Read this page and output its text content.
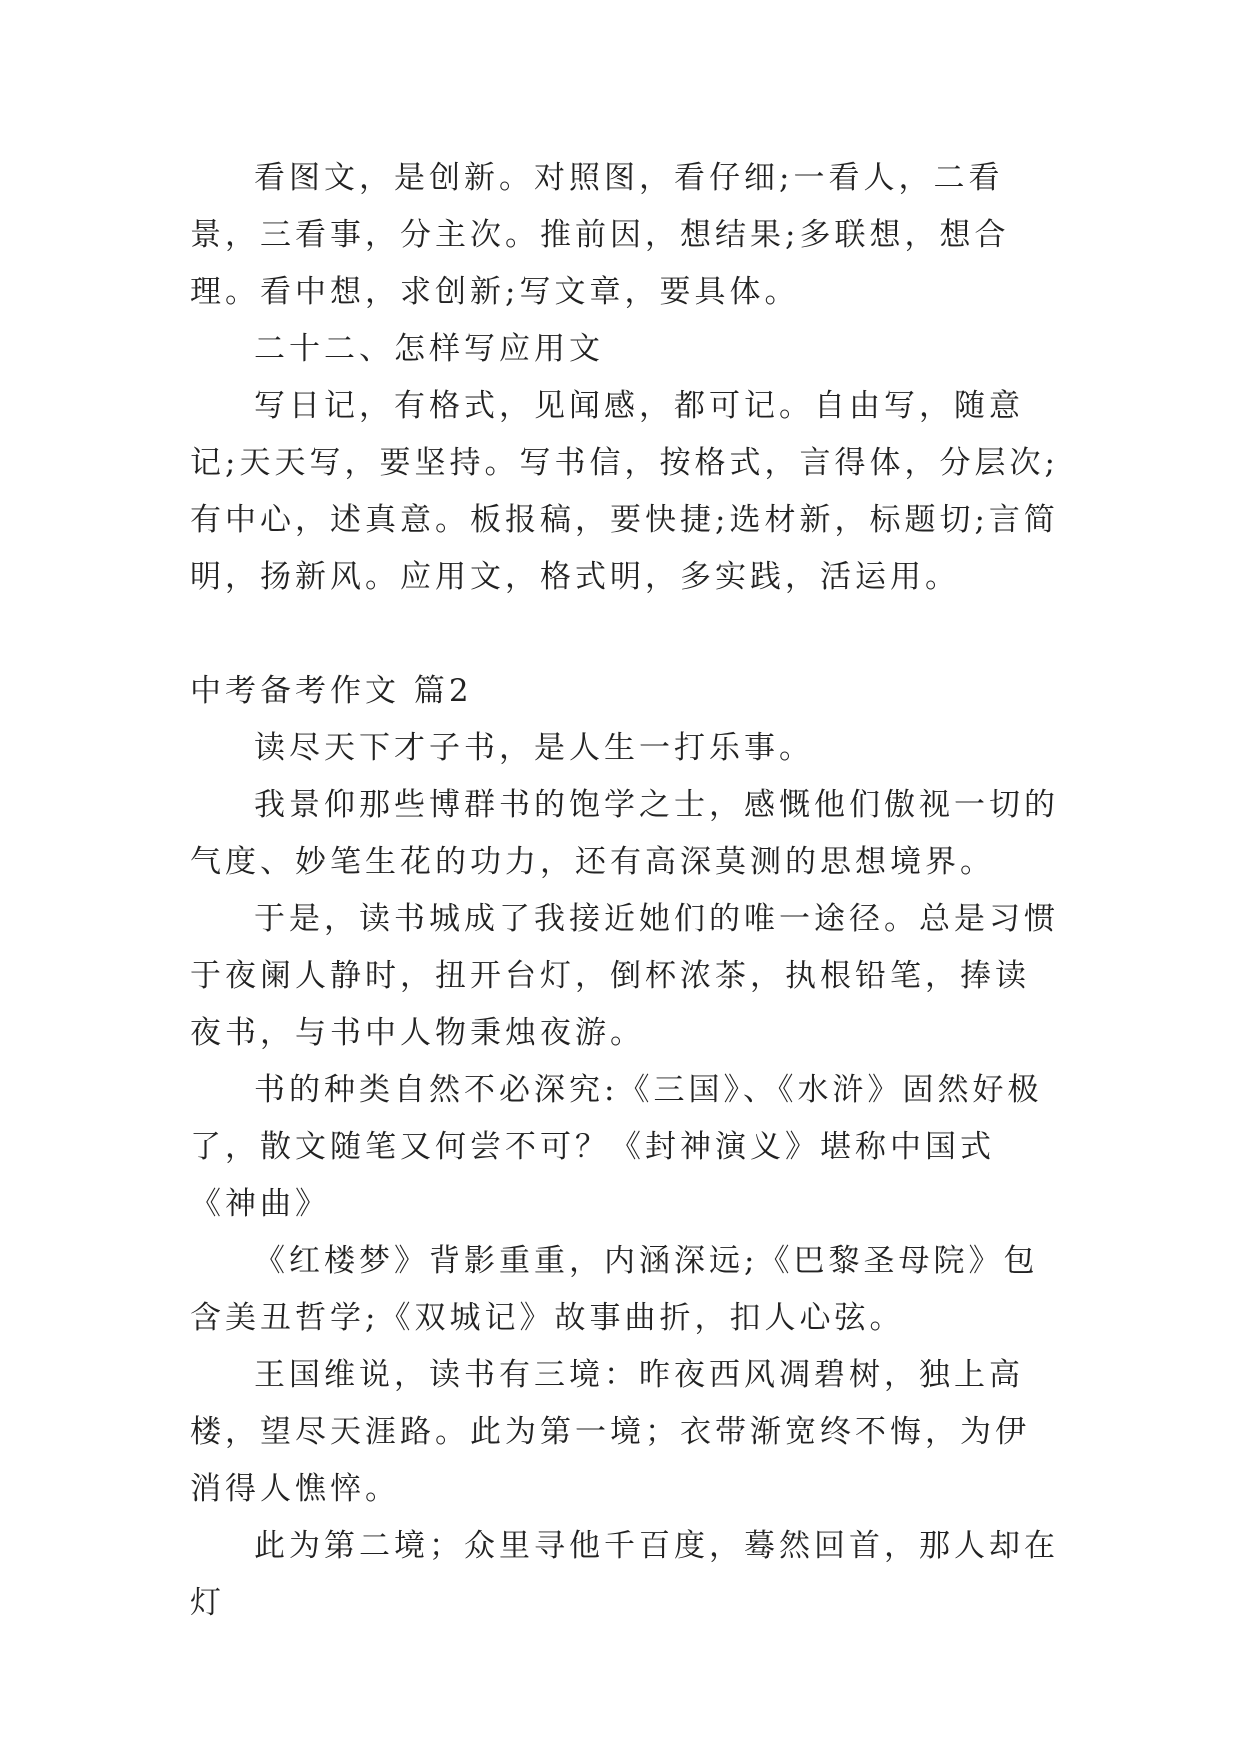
看图文，是创新。对照图，看仔细;一看人，二看景，三看事，分主次。推前因，想结果;多联想，想合理。看中想，求创新;写文章，要具体。

二十二、怎样写应用文

写日记，有格式，见闻感，都可记。自由写，随意记;天天写，要坚持。写书信，按格式，言得体，分层次;有中心，述真意。板报稿，要快捷;选材新，标题切;言简明，扬新风。应用文，格式明，多实践，活运用。

中考备考作文 篇2

读尽天下才子书，是人生一打乐事。

我景仰那些博群书的饱学之士，感慨他们傲视一切的气度、妙笔生花的功力，还有高深莫测的思想境界。

于是，读书城成了我接近她们的唯一途径。总是习惯于夜阑人静时，扭开台灯，倒杯浓茶，执根铅笔，捧读夜书，与书中人物秉烛夜游。

书的种类自然不必深究:《三国》、《水浒》固然好极了，散文随笔又何尝不可？《封神演义》堪称中国式《神曲》

《红楼梦》背影重重，内涵深远;《巴黎圣母院》包含美丑哲学;《双城记》故事曲折，扣人心弦。

王国维说，读书有三境：昨夜西风凋碧树，独上高楼，望尽天涯路。此为第一境；衣带渐宽终不悔，为伊消得人憔悴。

此为第二境；众里寻他千百度，蓦然回首，那人却在灯
